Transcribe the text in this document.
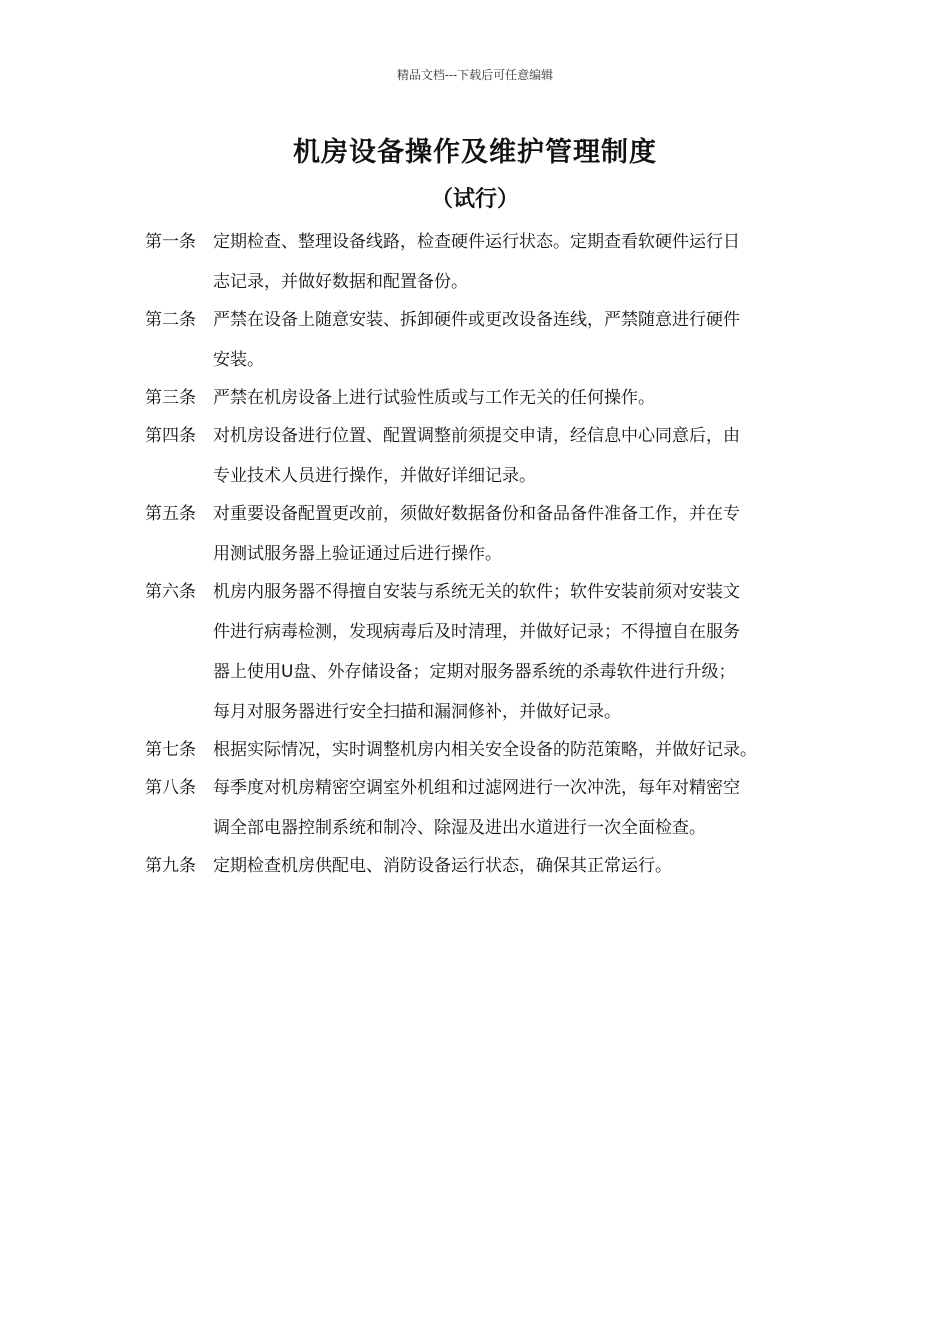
精品文档---下载后可任意编辑
机房设备操作及维护管理制度
（试行）
第一条	定期检查、整理设备线路，检查硬件运行状态。定期查看软硬件运行日
志记录，并做好数据和配置备份。
第二条	严禁在设备上随意安装、拆卸硬件或更改设备连线，严禁随意进行硬件
安装。
第三条	严禁在机房设备上进行试验性质或与工作无关的任何操作。
第四条	对机房设备进行位置、配置调整前须提交申请，经信息中心同意后，由
专业技术人员进行操作，并做好详细记录。
第五条	对重要设备配置更改前，须做好数据备份和备品备件准备工作，并在专
用测试服务器上验证通过后进行操作。
第六条	机房内服务器不得擅自安装与系统无关的软件；软件安装前须对安装文
件进行病毒检测，发现病毒后及时清理，并做好记录；不得擅自在服务
器上使用U盘、外存储设备；定期对服务器系统的杀毒软件进行升级；
每月对服务器进行安全扫描和漏洞修补，并做好记录。
第七条	根据实际情况，实时调整机房内相关安全设备的防范策略，并做好记录。
第八条	每季度对机房精密空调室外机组和过滤网进行一次冲洗，每年对精密空
调全部电器控制系统和制冷、除湿及进出水道进行一次全面检查。
第九条	定期检查机房供配电、消防设备运行状态，确保其正常运行。
